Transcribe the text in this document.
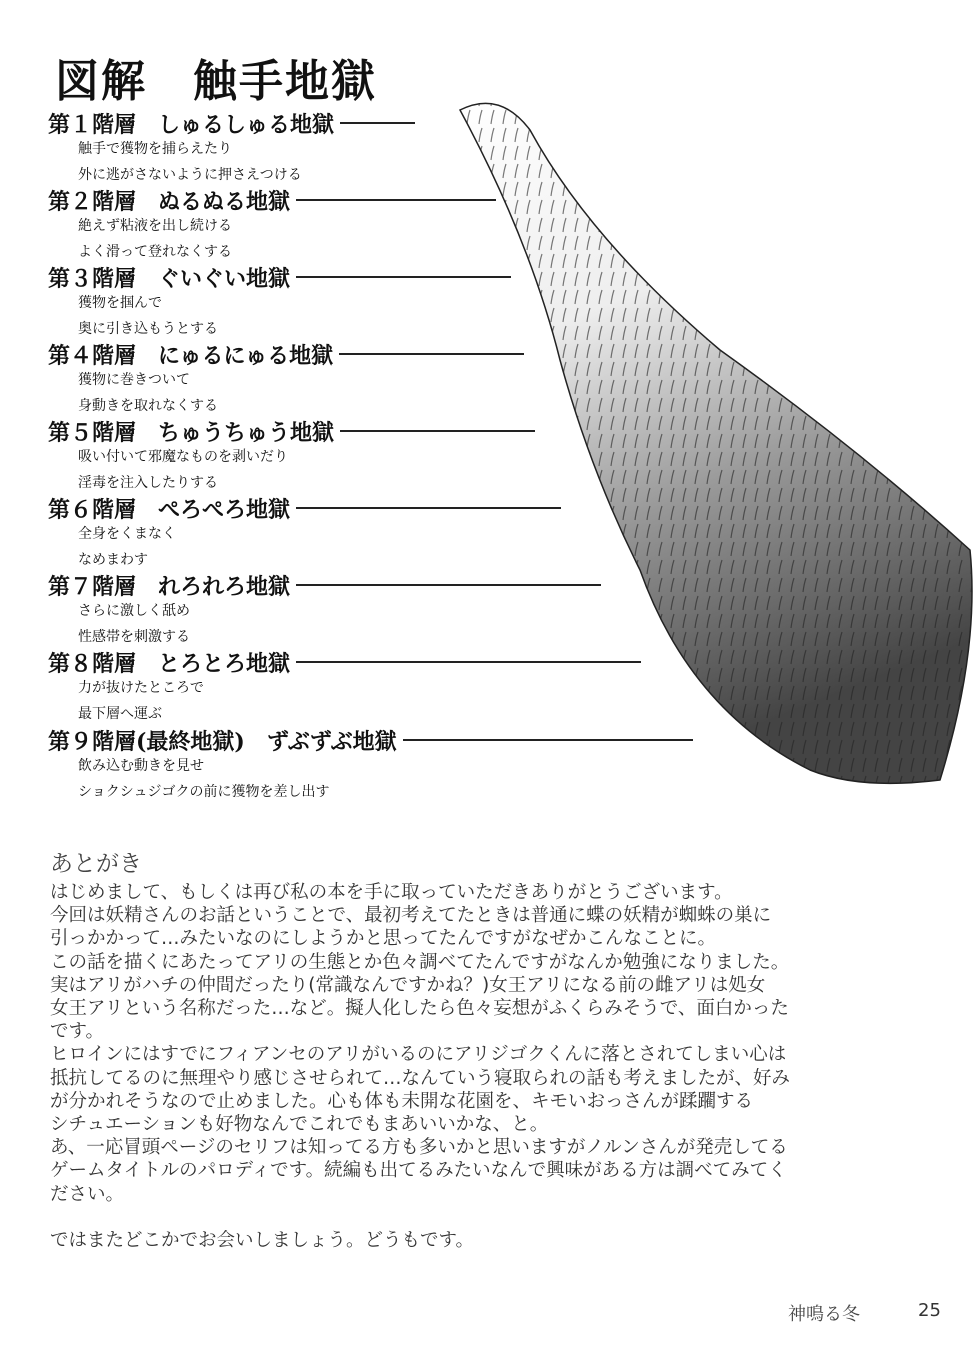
図解　触手地獄
第１階層　しゅるしゅる地獄
触手で獲物を捕らえたり
外に逃がさないように押さえつける
第２階層　ぬるぬる地獄
絶えず粘液を出し続ける
よく滑って登れなくする
第３階層　ぐいぐい地獄
獲物を掴んで
奥に引き込もうとする
第４階層　にゅるにゅる地獄
獲物に巻きついて
身動きを取れなくする
第５階層　ちゅうちゅう地獄
吸い付いて邪魔なものを剥いだり
淫毒を注入したりする
第６階層　ぺろぺろ地獄
全身をくまなく
なめまわす
第７階層　れろれろ地獄
さらに激しく舐め
性感帯を刺激する
第８階層　とろとろ地獄
力が抜けたところで
最下層へ運ぶ
第９階層(最終地獄)　ずぶずぶ地獄
飲み込む動きを見せ
ショクシュジゴクの前に獲物を差し出す
あとがき
はじめまして、もしくは再び私の本を手に取っていただきありがとうございます。
今回は妖精さんのお話ということで、最初考えてたときは普通に蝶の妖精が蜘蛛の巣に
引っかかって…みたいなのにしようかと思ってたんですがなぜかこんなことに。
この話を描くにあたってアリの生態とか色々調べてたんですがなんか勉強になりました。
実はアリがハチの仲間だったり(常識なんですかね？)女王アリになる前の雌アリは処女
女王アリという名称だった…など。擬人化したら色々妄想がふくらみそうで、面白かった
です。
ヒロインにはすでにフィアンセのアリがいるのにアリジゴクくんに落とされてしまい心は
抵抗してるのに無理やり感じさせられて…なんていう寝取られの話も考えましたが、好み
が分かれそうなので止めました。心も体も未開な花園を、キモいおっさんが蹂躙する
シチュエーションも好物なんでこれでもまあいいかな、と。
あ、一応冒頭ページのセリフは知ってる方も多いかと思いますがノルンさんが発売してる
ゲームタイトルのパロディです。続編も出てるみたいなんで興味がある方は調べてみてく
ださい。
ではまたどこかでお会いしましょう。どうもです。
神鳴る冬	25
